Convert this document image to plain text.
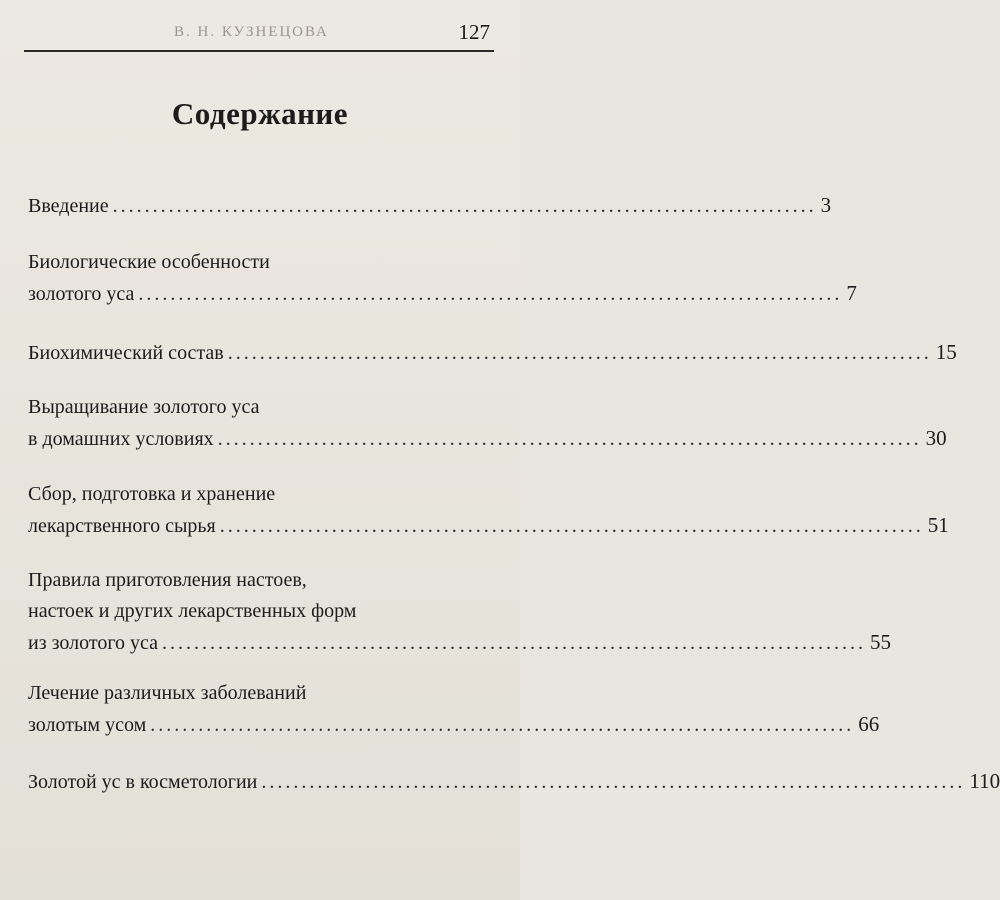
В. Н. КУЗНЕЦОВА	127
Содержание
Введение ........................................................................................ 3
Биологические особенности
золотого уса ........................................................................................ 7
Биохимический состав ........................................................................................ 15
Выращивание золотого уса
в домашних условиях ........................................................................................ 30
Сбор, подготовка и хранение
лекарственного сырья ........................................................................................ 51
Правила приготовления настоев,
настоек и других лекарственных форм
из золотого уса ........................................................................................ 55
Лечение различных заболеваний
золотым усом ........................................................................................ 66
Золотой ус в косметологии ........................................................................................ 110
